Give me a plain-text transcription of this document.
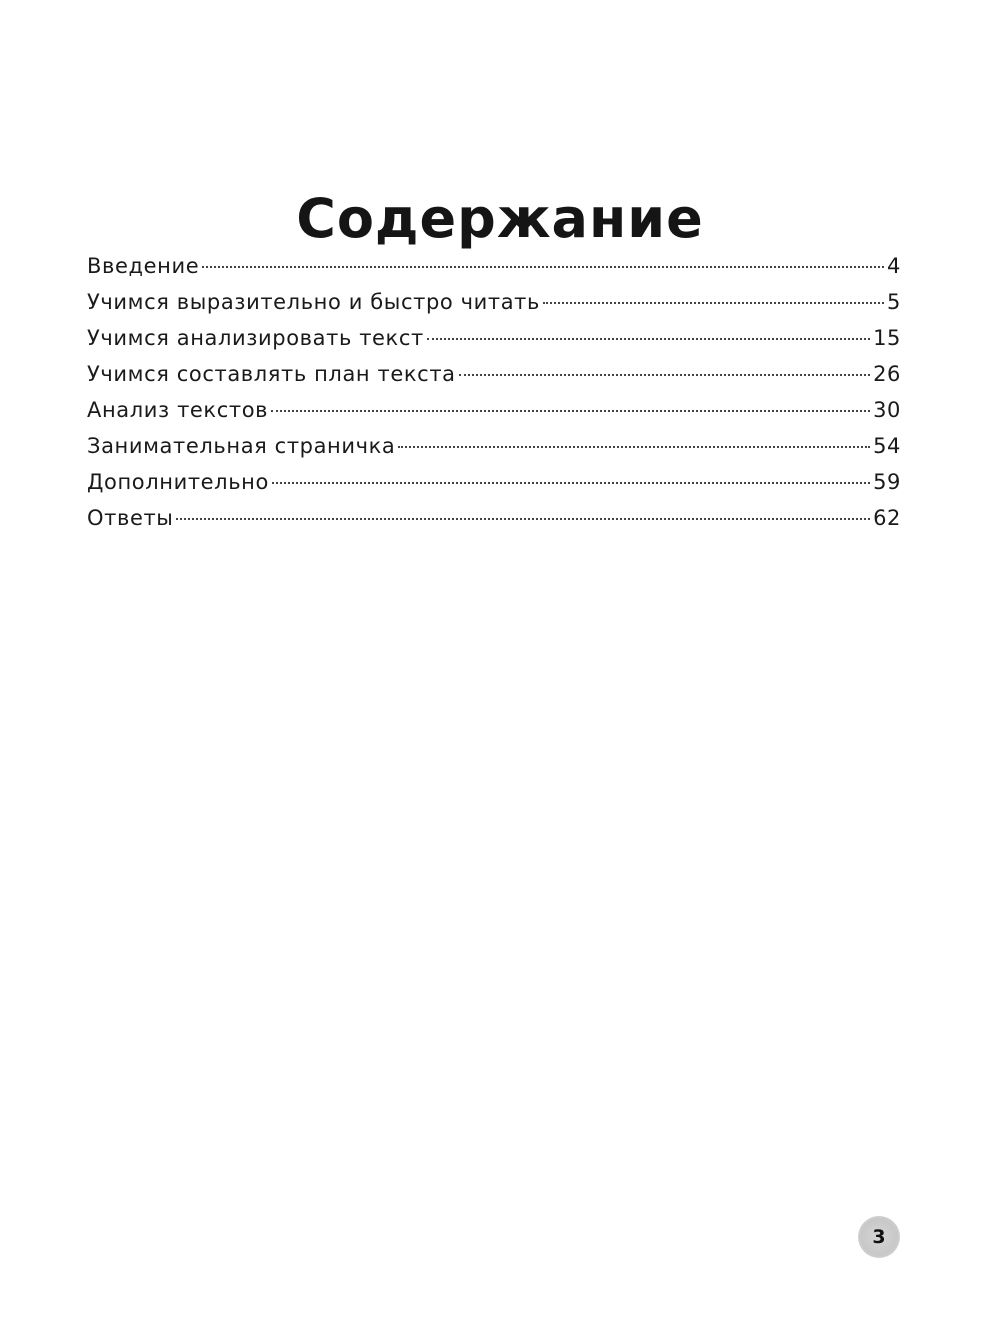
Содержание
Введение	4
Учимся выразительно и быстро читать	5
Учимся анализировать текст	15
Учимся составлять план текста	26
Анализ текстов	30
Занимательная страничка	54
Дополнительно	59
Ответы	62
3
